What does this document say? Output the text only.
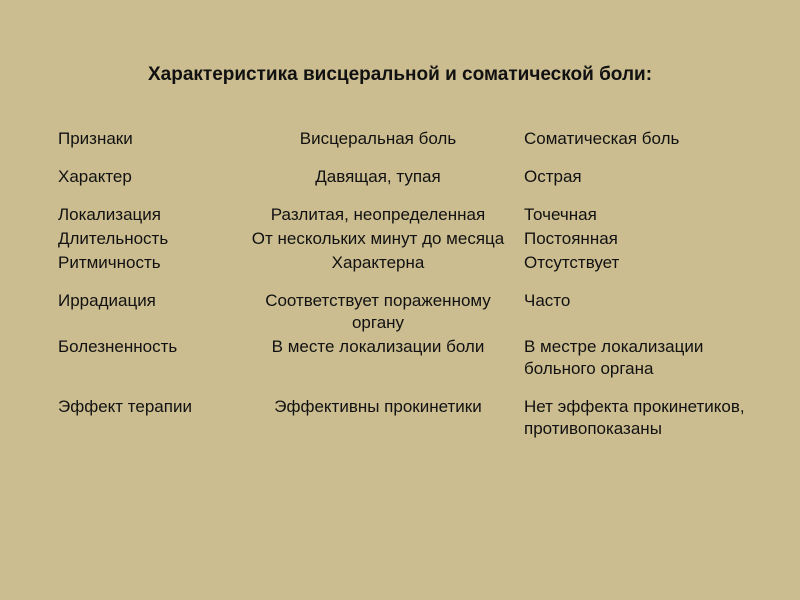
Характеристика висцеральной и соматической боли:
Признаки	Висцеральная боль	Соматическая боль
Характер	Давящая, тупая	Острая
Локализация	Разлитая, неопределенная	Точечная
Длительность	От нескольких минут до месяца	Постоянная
Ритмичность	Характерна	Отсутствует
Иррадиация	Соответствует пораженному органу	Часто
Болезненность	В месте локализации боли	В местре локализации больного органа
Эффект терапии	Эффективны прокинетики	Нет эффекта прокинетиков, противопоказаны
